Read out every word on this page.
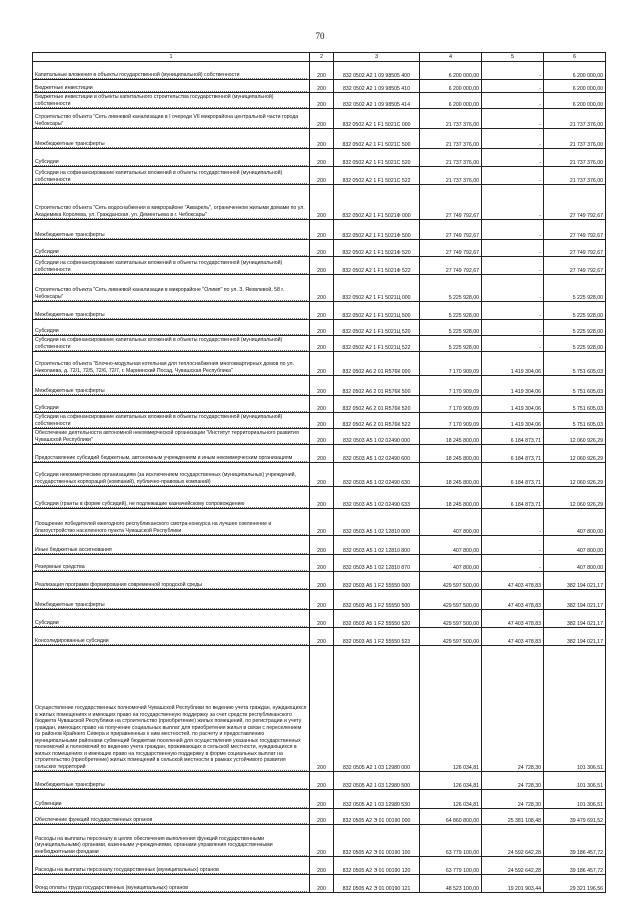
70
1	2	3	4	5	6
Капитальные вложения в объекты государственной (муниципальной) собственности	200	832 0502 А2 1 09 98505 400	6 200 000,00	-	6 200 000,00
Бюджетные инвестиции	200	832 0502 А2 1 09 98505 410	6 200 000,00	-	6 200 000,00
Бюджетные инвестиции в объекты капитального строительства государственной (муниципальной) собственности	200	832 0502 А2 1 09 98505 414	6 200 000,00	-	6 200 000,00
Строительство объекта "Сеть ливневой канализации в I очереди VII микрорайона центральной части города Чебоксары"	200	832 0502 А2 1 F1 5021С 000	21 737 376,00	-	21 737 376,00
Межбюджетные трансферты	200	832 0502 А2 1 F1 5021С 500	21 737 376,00	-	21 737 376,00
Субсидии	200	832 0502 А2 1 F1 5021С 520	21 737 376,00	-	21 737 376,00
Субсидии на софинансирование капитальных вложений в объекты государственной (муниципальной) собственности	200	832 0502 А2 1 F1 5021С 522	21 737 376,00	-	21 737 376,00
Строительство объекта "Сеть водоснабжения в микрорайоне "Акварель", ограниченном жилыми домами по ул. Академика Королева, ул. Гражданская, ул. Дементьева в г. Чебоксары"	200	832 0502 А2 1 F1 5021Ф 000	27 749 792,67	-	27 749 792,67
Межбюджетные трансферты	200	832 0502 А2 1 F1 5021Ф 500	27 749 792,67	-	27 749 792,67
Субсидии	200	832 0502 А2 1 F1 5021Ф 520	27 749 792,67	-	27 749 792,67
Субсидии на софинансирование капитальных вложений в объекты государственной (муниципальной) собственности	200	832 0502 А2 1 F1 5021Ф 522	27 749 792,67	-	27 749 792,67
Строительство объекта "Сеть ливневой канализации в микрорайоне "Олимп" по ул. З. Яковлевой, 58 г. Чебоксары"	200	832 0502 А2 1 F1 5021Ц 000	5 225 928,00	-	5 225 928,00
Межбюджетные трансферты	200	832 0502 А2 1 F1 5021Ц 500	5 225 928,00	-	5 225 928,00
Субсидии	200	832 0502 А2 1 F1 5021Ц 520	5 225 928,00	-	5 225 928,00
Субсидии на софинансирование капитальных вложений в объекты государственной (муниципальной) собственности	200	832 0502 А2 1 F1 5021Ц 522	5 225 928,00	-	5 225 928,00
Строительство объекта "Блочно-модульная котельная для теплоснабжения многоквартирных домов по ул. Николаева, д. 72/1, 72/5, 72/6, 72/7, г. Мариинский Посад, Чувашская Республика"	200	832 0502 А6 2 01 R576К 000	7 170 909,09	1 419 304,06	5 751 605,03
Межбюджетные трансферты	200	832 0502 А6 2 01 R576К 500	7 170 909,09	1 419 304,06	5 751 605,03
Субсидии	200	832 0502 А6 2 01 R576К 520	7 170 909,09	1 419 304,06	5 751 605,03
Субсидии на софинансирование капитальных вложений в объекты государственной (муниципальной) собственности	200	832 0502 А6 2 01 R576К 522	7 170 909,09	1 419 304,06	5 751 605,03
Обеспечение деятельности автономной некоммерческой организации "Институт территориального развития Чувашской Республики"	200	832 0503 А5 1 02 02490 000	18 245 800,00	6 184 873,71	12 060 926,29
Предоставление субсидий бюджетным, автономным учреждениям и иным некоммерческим организациям	200	832 0503 А5 1 02 02490 600	18 245 800,00	6 184 873,71	12 060 926,29
Субсидии некоммерческим организациям (за исключением государственных (муниципальных) учреждений, государственных корпораций (компаний), публично-правовых компаний)	200	832 0503 А5 1 02 02490 630	18 245 800,00	6 184 873,71	12 060 926,29
Субсидии (гранты в форме субсидий), не подлежащие казначейскому сопровождению	200	832 0503 А5 1 02 02490 633	18 245 800,00	6 184 873,71	12 060 926,29
Поощрение победителей ежегодного республиканского смотра-конкурса на лучшее озеленение и благоустройство населенного пункта Чувашской Республики	200	832 0503 А5 1 02 12810 000	407 800,00	-	407 800,00
Иные бюджетные ассигнования	200	832 0503 А5 1 02 12810 800	407 800,00	-	407 800,00
Резервные средства	200	832 0503 А5 1 02 12810 870	407 800,00	-	407 800,00
Реализация программ формирования современной городской среды	200	832 0503 А5 1 F2 55550 000	429 597 500,00	47 403 478,83	382 194 021,17
Межбюджетные трансферты	200	832 0503 А5 1 F2 55550 500	429 597 500,00	47 403 478,83	382 194 021,17
Субсидии	200	832 0503 А5 1 F2 55550 520	429 597 500,00	47 403 478,83	382 194 021,17
Консолидированные субсидии	200	832 0503 А5 1 F2 55550 523	429 597 500,00	47 403 478,83	382 194 021,17
Осуществление государственных полномочий Чувашской Республики по ведению учета граждан, нуждающихся в жилых помещениях и имеющих право на государственную поддержку за счет средств республиканского бюджета Чувашской Республики на строительство (приобретение) жилых помещений, по регистрации и учету граждан, имеющих право на получение социальных выплат для приобретения жилья в связи с переселением из районов Крайнего Севера и приравненных к ним местностей, по расчету и предоставлению муниципальными районами субвенций бюджетам поселений для осуществления указанных государственных полномочий и полномочий по ведению учета граждан, проживающих в сельской местности, нуждающихся в жилых помещениях и имеющих право на государственную поддержку в форме социальных выплат на строительство (приобретение) жилых помещений в сельской местности в рамках устойчивого развития сельских территорий	200	832 0505 А2 1 03 12980 000	126 034,81	24 728,30	101 306,51
Межбюджетные трансферты	200	832 0505 А2 1 03 12980 500	126 034,81	24 728,30	101 306,51
Субвенции	200	832 0505 А2 1 03 12980 530	126 034,81	24 728,30	101 306,51
Обеспечение функций государственных органов	200	832 0505 А2 Э 01 00190 000	64 860 800,00	25 381 108,48	39 479 691,52
Расходы на выплаты персоналу в целях обеспечения выполнения функций государственными (муниципальными) органами, казенными учреждениями, органами управления государственными внебюджетными фондами	200	832 0505 А2 Э 01 00190 100	63 779 100,00	24 592 642,28	39 186 457,72
Расходы на выплаты персоналу государственных (муниципальных) органов	200	832 0505 А2 Э 01 00190 120	63 779 100,00	24 592 642,28	39 186 457,72
Фонд оплаты труда государственных (муниципальных) органов	200	832 0505 А2 Э 01 00190 121	48 523 100,00	19 201 903,44	29 321 196,56
